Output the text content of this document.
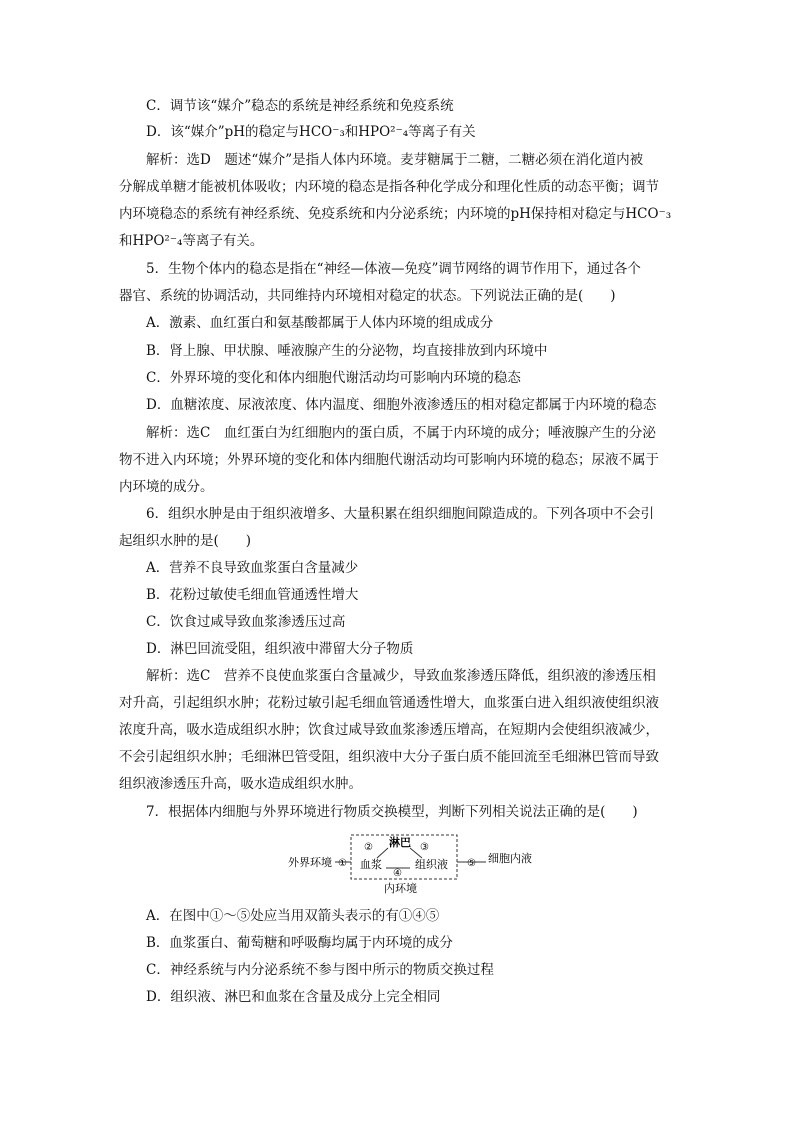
C．调节该“媒介”稳态的系统是神经系统和免疫系统
D．该“媒介”pH的稳定与HCO⁻₃和HPO²⁻₄等离子有关
解析：选D　题述“媒介”是指人体内环境。麦芽糖属于二糖，二糖必须在消化道内被
分解成单糖才能被机体吸收；内环境的稳态是指各种化学成分和理化性质的动态平衡；调节
内环境稳态的系统有神经系统、免疫系统和内分泌系统；内环境的pH保持相对稳定与HCO⁻₃
和HPO²⁻₄等离子有关。
5．生物个体内的稳态是指在“神经—体液—免疫”调节网络的调节作用下，通过各个
器官、系统的协调活动，共同维持内环境相对稳定的状态。下列说法正确的是(　　)
A．激素、血红蛋白和氨基酸都属于人体内环境的组成成分
B．肾上腺、甲状腺、唾液腺产生的分泌物，均直接排放到内环境中
C．外界环境的变化和体内细胞代谢活动均可影响内环境的稳态
D．血糖浓度、尿液浓度、体内温度、细胞外液渗透压的相对稳定都属于内环境的稳态
解析：选C　血红蛋白为红细胞内的蛋白质，不属于内环境的成分；唾液腺产生的分泌
物不进入内环境；外界环境的变化和体内细胞代谢活动均可影响内环境的稳态；尿液不属于
内环境的成分。
6．组织水肿是由于组织液增多、大量积累在组织细胞间隙造成的。下列各项中不会引
起组织水肿的是(　　)
A．营养不良导致血浆蛋白含量减少
B．花粉过敏使毛细血管通透性增大
C．饮食过咸导致血浆渗透压过高
D．淋巴回流受阻，组织液中滞留大分子物质
解析：选C　营养不良使血浆蛋白含量减少，导致血浆渗透压降低，组织液的渗透压相
对升高，引起组织水肿；花粉过敏引起毛细血管通透性增大，血浆蛋白进入组织液使组织液
浓度升高，吸水造成组织水肿；饮食过咸导致血浆渗透压增高，在短期内会使组织液减少，
不会引起组织水肿；毛细淋巴管受阻，组织液中大分子蛋白质不能回流至毛细淋巴管而导致
组织液渗透压升高，吸水造成组织水肿。
7．根据体内细胞与外界环境进行物质交换模型，判断下列相关说法正确的是(　　)
外界环境 ①
② 淋巴 ③
血浆
④
组织液 ⑤ 细胞内液
内环境
A．在图中①～⑤处应当用双箭头表示的有①④⑤
B．血浆蛋白、葡萄糖和呼吸酶均属于内环境的成分
C．神经系统与内分泌系统不参与图中所示的物质交换过程
D．组织液、淋巴和血浆在含量及成分上完全相同
